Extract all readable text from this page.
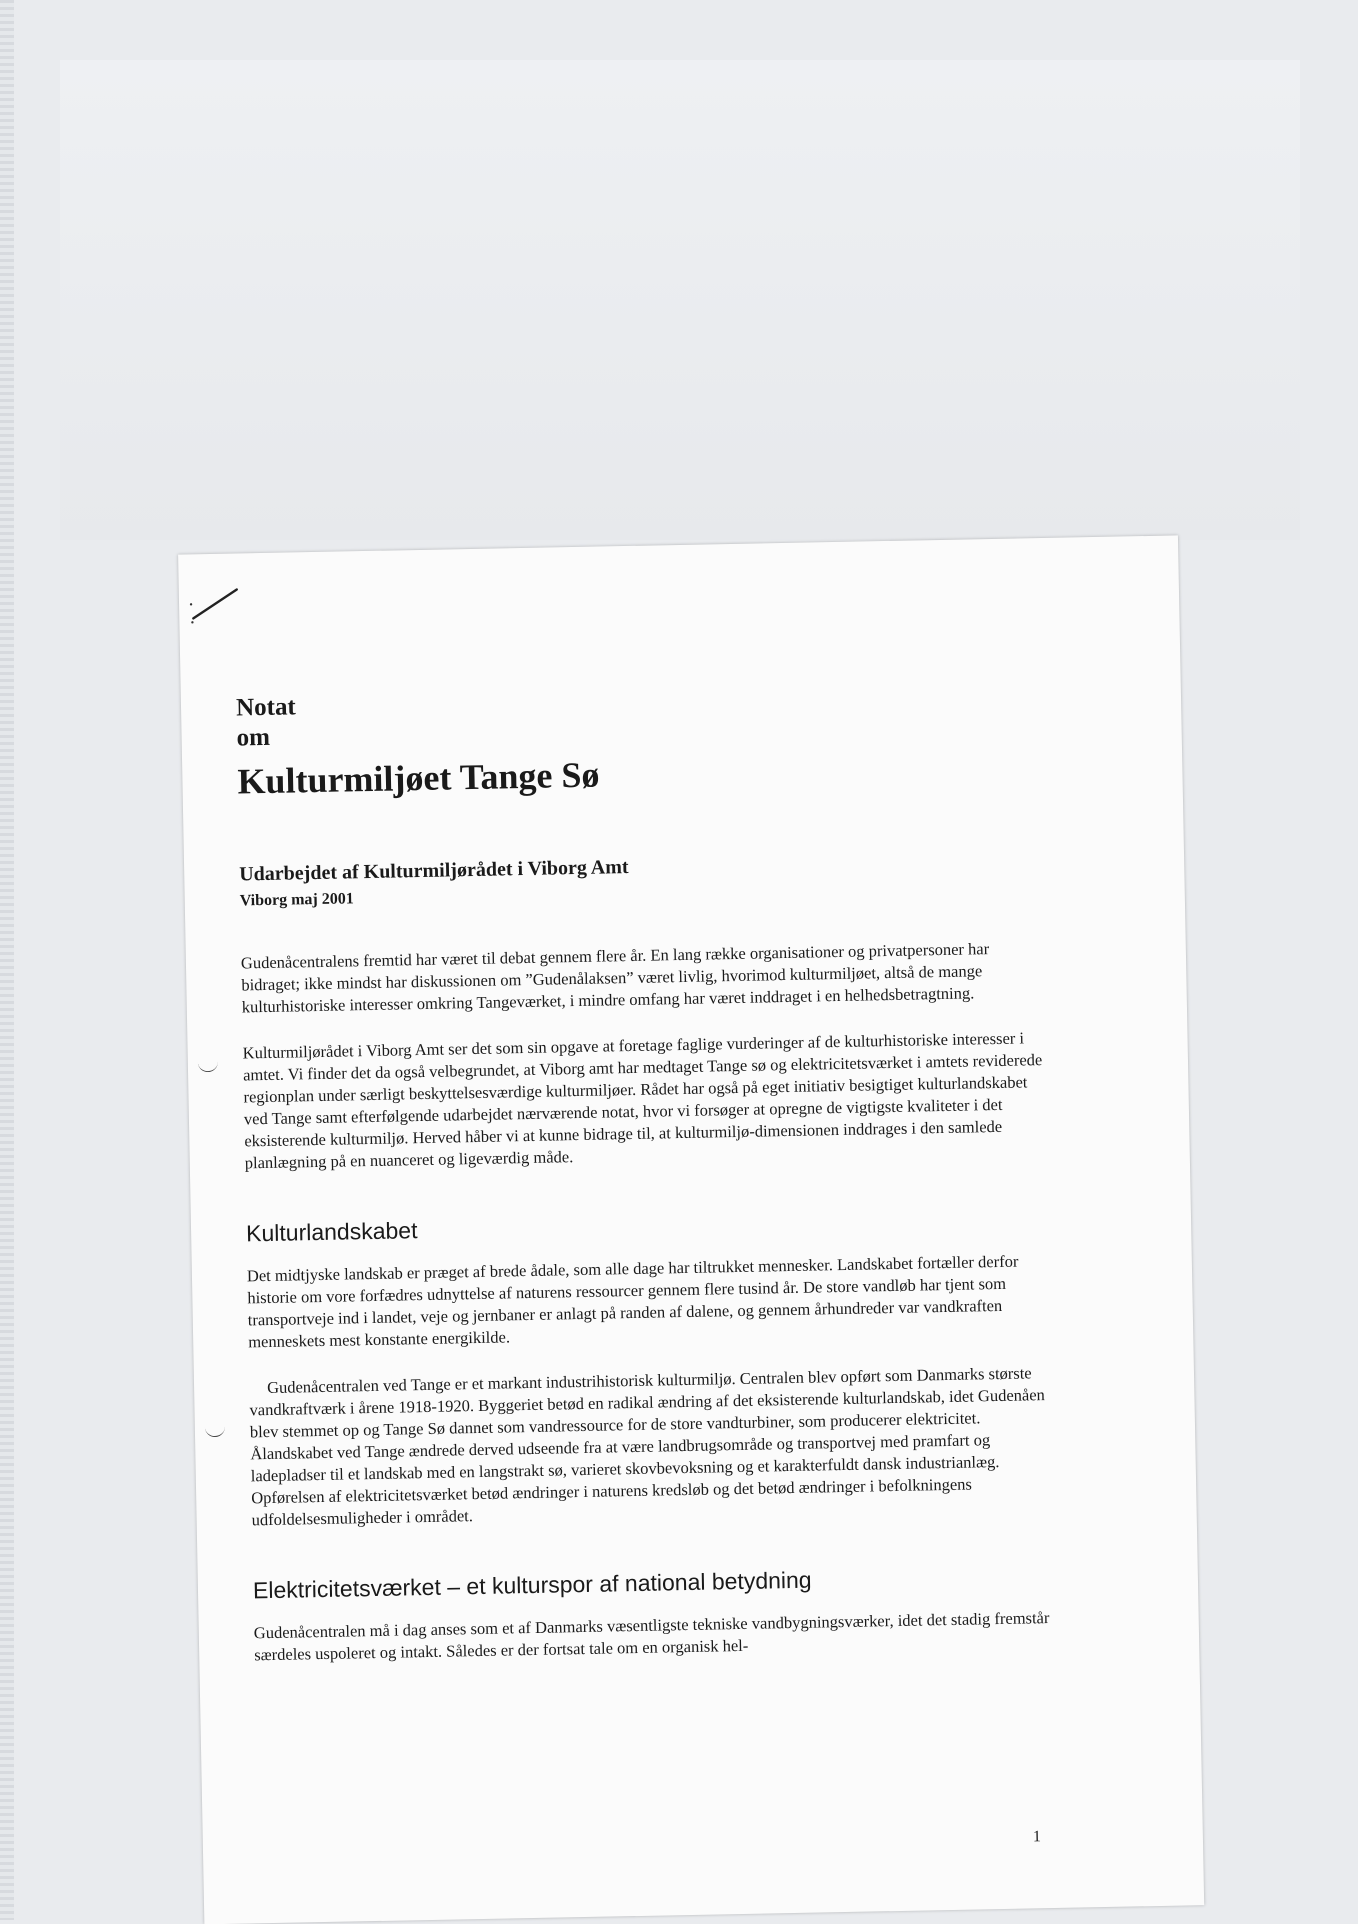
Notat
om
Kulturmiljøet Tange Sø
Udarbejdet af Kulturmiljørådet i Viborg Amt
Viborg maj 2001

Gudenåcentralens fremtid har været til debat gennem flere år. En lang række organisationer og privatpersoner har bidraget; ikke mindst har diskussionen om ”Gudenålaksen” været livlig, hvorimod kulturmiljøet, altså de mange kulturhistoriske interesser omkring Tangeværket, i mindre omfang har været inddraget i en helhedsbetragtning.

Kulturmiljørådet i Viborg Amt ser det som sin opgave at foretage faglige vurderinger af de kulturhistoriske interesser i amtet. Vi finder det da også velbegrundet, at Viborg amt har medtaget Tange sø og elektricitetsværket i amtets reviderede regionplan under særligt beskyttelsesværdige kulturmiljøer. Rådet har også på eget initiativ besigtiget kulturlandskabet ved Tange samt efterfølgende udarbejdet nærværende notat, hvor vi forsøger at opregne de vigtigste kvaliteter i det eksisterende kulturmiljø. Herved håber vi at kunne bidrage til, at kulturmiljø-dimensionen inddrages i den samlede planlægning på en nuanceret og ligeværdig måde.

Kulturlandskabet

Det midtjyske landskab er præget af brede ådale, som alle dage har tiltrukket mennesker. Landskabet fortæller derfor historie om vore forfædres udnyttelse af naturens ressourcer gennem flere tusind år. De store vandløb har tjent som transportveje ind i landet, veje og jernbaner er anlagt på randen af dalene, og gennem århundreder var vandkraften menneskets mest konstante energikilde.

Gudenåcentralen ved Tange er et markant industrihistorisk kulturmiljø. Centralen blev opført som Danmarks største vandkraftværk i årene 1918-1920. Byggeriet betød en radikal ændring af det eksisterende kulturlandskab, idet Gudenåen blev stemmet op og Tange Sø dannet som vandressource for de store vandturbiner, som producerer elektricitet. Ålandskabet ved Tange ændrede derved udseende fra at være landbrugsområde og transportvej med pramfart og ladepladser til et landskab med en langstrakt sø, varieret skovbevoksning og et karakterfuldt dansk industrianlæg. Opførelsen af elektricitetsværket betød ændringer i naturens kredsløb og det betød ændringer i befolkningens udfoldelsesmuligheder i området.

Elektricitetsværket – et kulturspor af national betydning

Gudenåcentralen må i dag anses som et af Danmarks væsentligste tekniske vandbygningsværker, idet det stadig fremstår særdeles uspoleret og intakt. Således er der fortsat tale om en organisk hel-

1
